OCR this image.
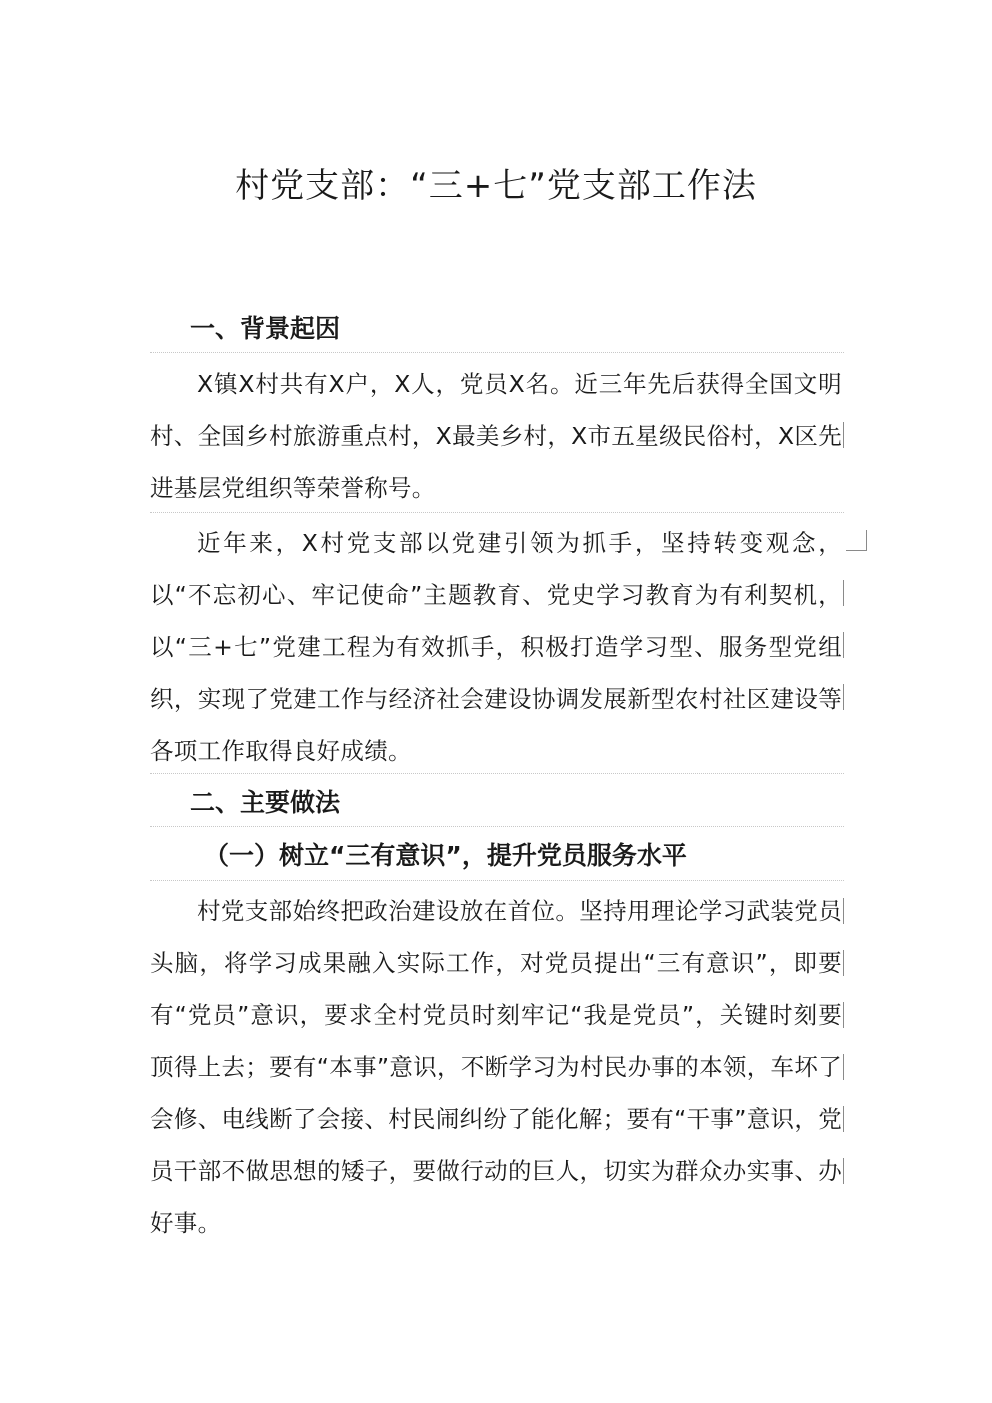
村党支部：“三+七”党支部工作法
一、背景起因

X镇X村共有X户，X人，党员X名。近三年先后获得全国文明村、全国乡村旅游重点村，X最美乡村，X市五星级民俗村，X区先进基层党组织等荣誉称号。

近年来，X村党支部以党建引领为抓手，坚持转变观念，以“不忘初心、牢记使命”主题教育、党史学习教育为有利契机，以“三+七”党建工程为有效抓手，积极打造学习型、服务型党组织，实现了党建工作与经济社会建设协调发展新型农村社区建设等各项工作取得良好成绩。

二、主要做法
（一）树立“三有意识”，提升党员服务水平

村党支部始终把政治建设放在首位。坚持用理论学习武装党员头脑，将学习成果融入实际工作，对党员提出“三有意识”，即要有“党员”意识，要求全村党员时刻牢记“我是党员”，关键时刻要顶得上去；要有“本事”意识，不断学习为村民办事的本领，车坏了会修、电线断了会接、村民闹纠纷了能化解；要有“干事”意识，党员干部不做思想的矮子，要做行动的巨人，切实为群众办实事、办好事。
